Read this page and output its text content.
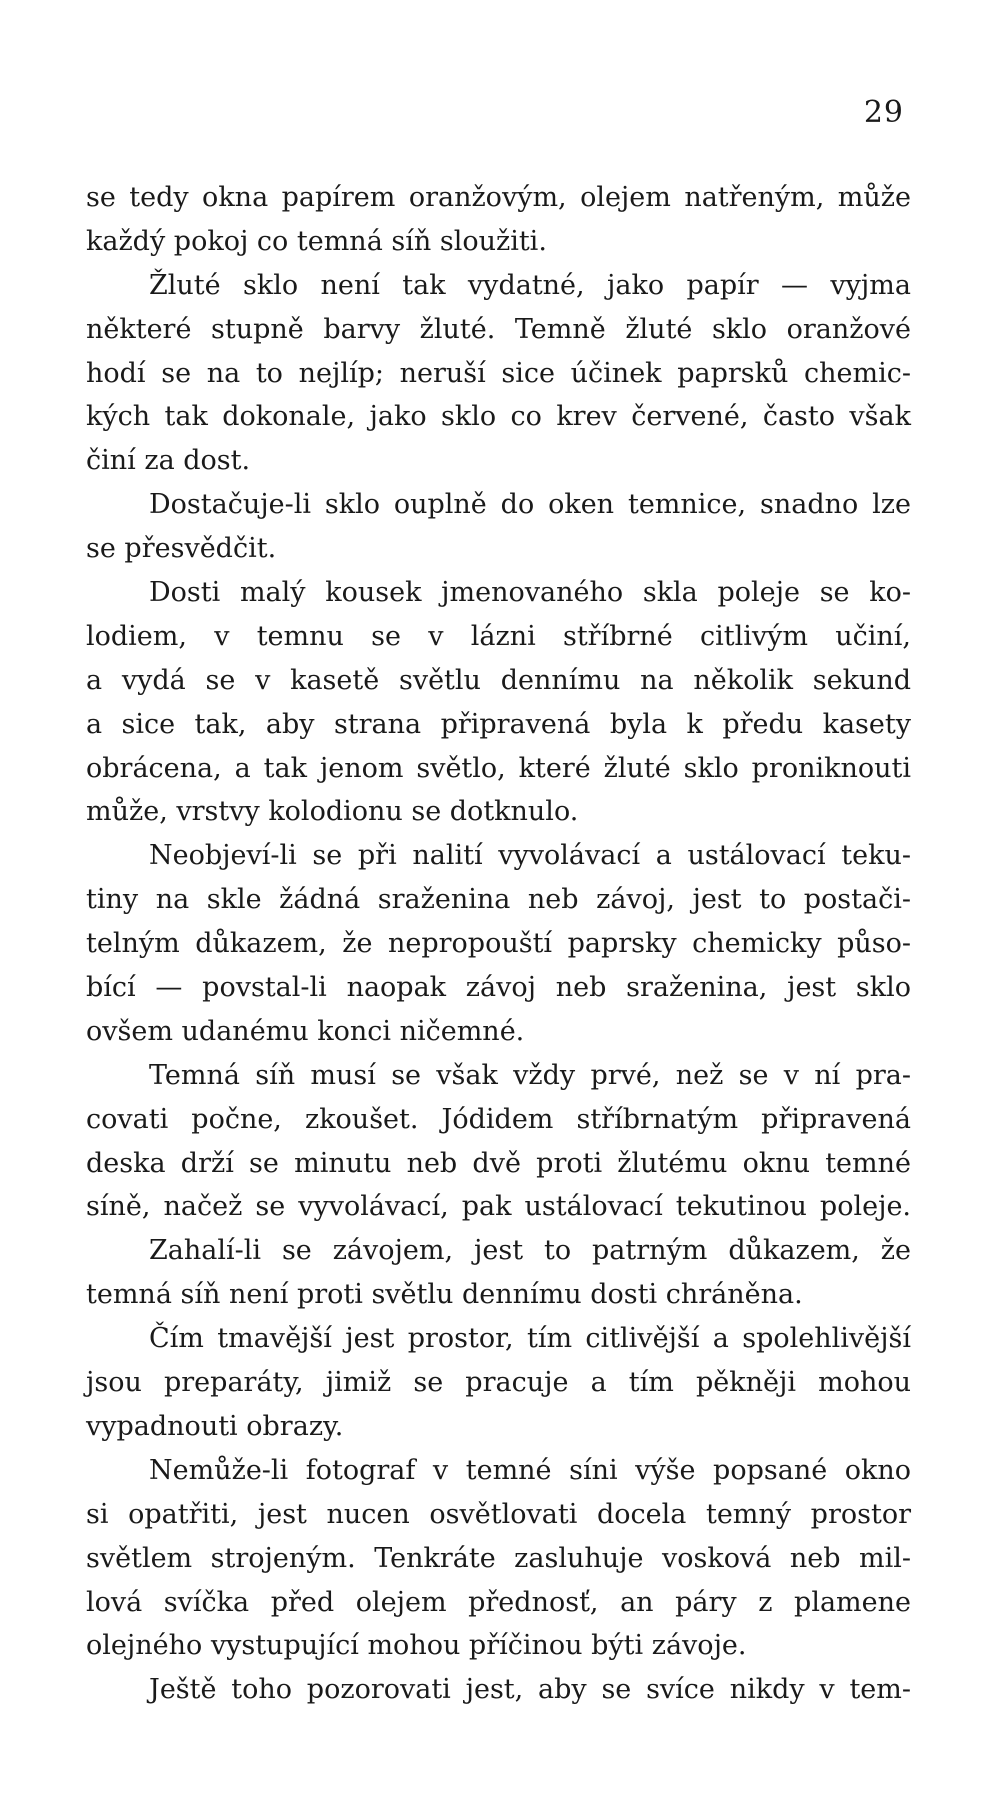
29
se tedy okna papírem oranžovým, olejem natřeným, může
každý pokoj co temná síň sloužiti.
Žluté sklo není tak vydatné, jako papír — vyjma
některé stupně barvy žluté. Temně žluté sklo oranžové
hodí se na to nejlíp; neruší sice účinek paprsků chemic-
kých tak dokonale, jako sklo co krev červené, často však
činí za dost.
Dostačuje-li sklo ouplně do oken temnice, snadno lze
se přesvědčit.
Dosti malý kousek jmenovaného skla poleje se ko-
lodiem, v temnu se v lázni stříbrné citlivým učiní,
a vydá se v kasetě světlu dennímu na několik sekund
a sice tak, aby strana připravená byla k předu kasety
obrácena, a tak jenom světlo, které žluté sklo proniknouti
může, vrstvy kolodionu se dotknulo.
Neobjeví-li se při nalití vyvolávací a ustálovací teku-
tiny na skle žádná sraženina neb závoj, jest to postači-
telným důkazem, že nepropouští paprsky chemicky půso-
bící — povstal-li naopak závoj neb sraženina, jest sklo
ovšem udanému konci ničemné.
Temná síň musí se však vždy prvé, než se v ní pra-
covati počne, zkoušet. Jódidem stříbrnatým připravená
deska drží se minutu neb dvě proti žlutému oknu temné
síně, načež se vyvolávací, pak ustálovací tekutinou poleje.
Zahalí-li se závojem, jest to patrným důkazem, že
temná síň není proti světlu dennímu dosti chráněna.
Čím tmavější jest prostor, tím citlivější a spolehlivější
jsou preparáty, jimiž se pracuje a tím pěkněji mohou
vypadnouti obrazy.
Nemůže-li fotograf v temné síni výše popsané okno
si opatřiti, jest nucen osvětlovati docela temný prostor
světlem strojeným. Tenkráte zasluhuje vosková neb mil-
lová svíčka před olejem přednosť, an páry z plamene
olejného vystupující mohou příčinou býti závoje.
Ještě toho pozorovati jest, aby se svíce nikdy v tem-
